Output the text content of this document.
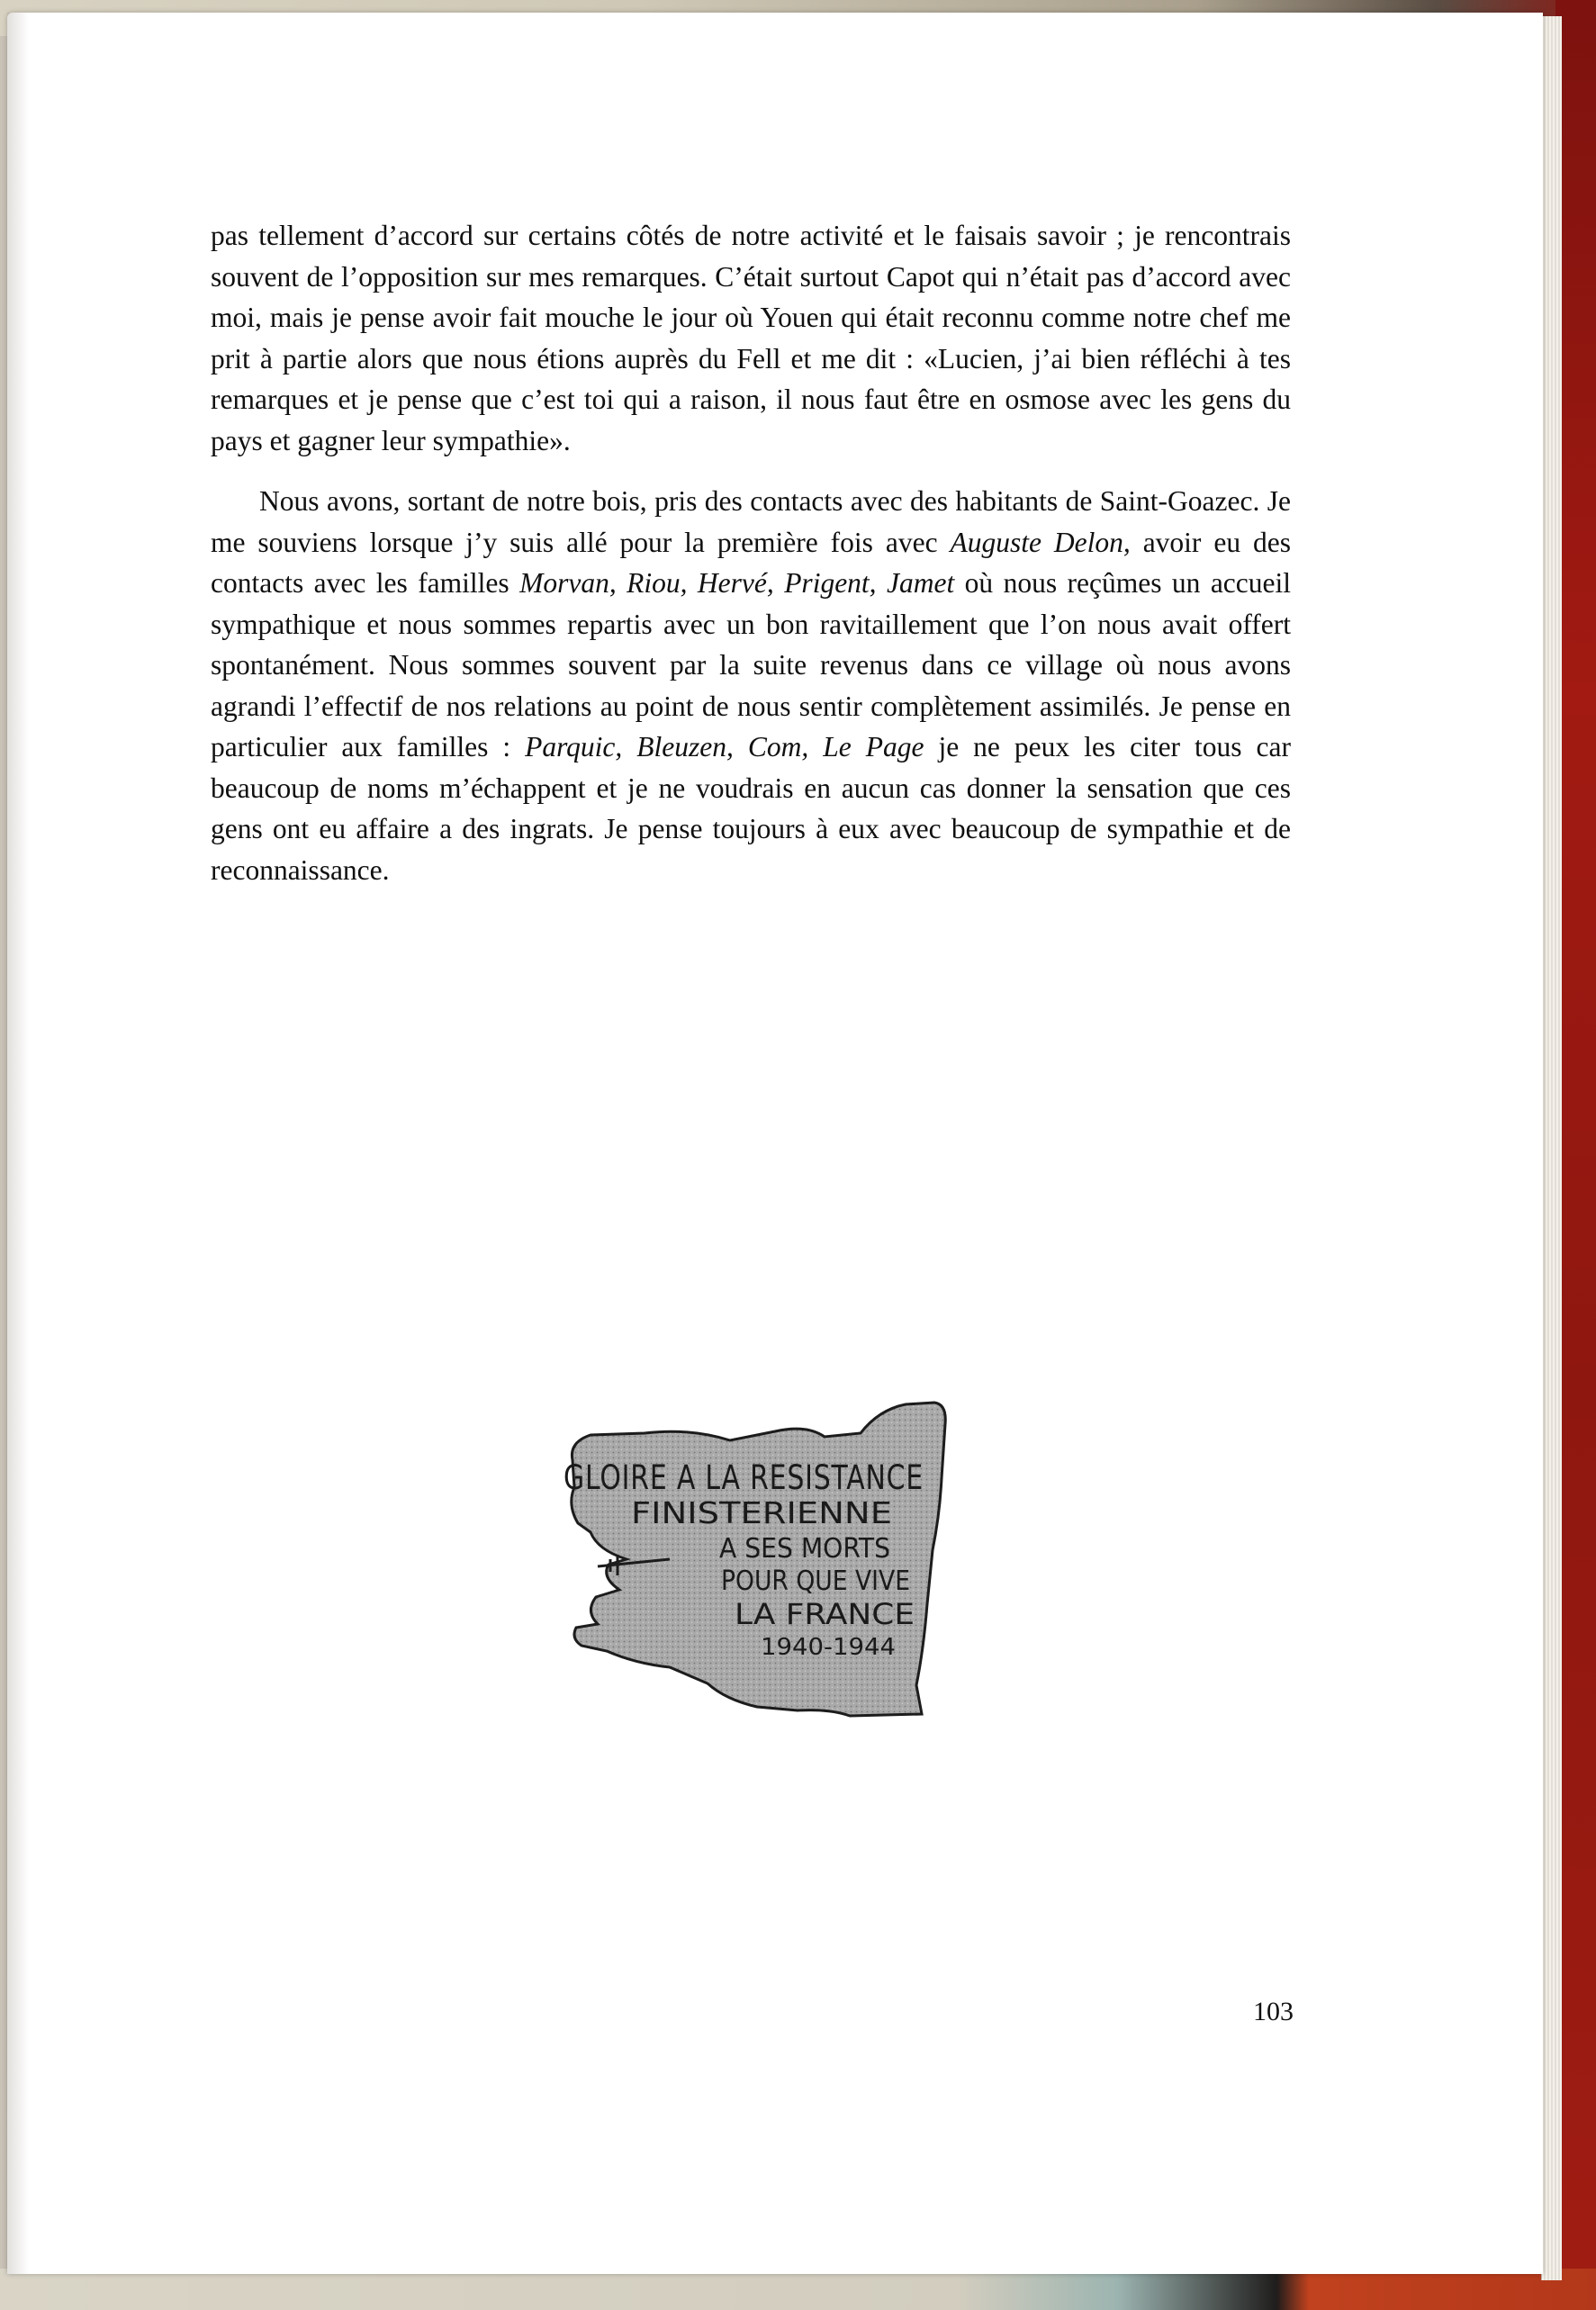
pas tellement d’accord sur certains côtés de notre activité et le faisais savoir ; je rencontrais souvent de l’opposition sur mes remarques. C’était surtout Capot qui n’était pas d’accord avec moi, mais je pense avoir fait mouche le jour où Youen qui était reconnu comme notre chef me prit à partie alors que nous étions auprès du Fell et me dit : «Lucien, j’ai bien réfléchi à tes remarques et je pense que c’est toi qui a raison, il nous faut être en osmose avec les gens du pays et gagner leur sympathie».

Nous avons, sortant de notre bois, pris des contacts avec des habitants de Saint-Goazec. Je me souviens lorsque j’y suis allé pour la première fois avec Auguste Delon, avoir eu des contacts avec les familles Morvan, Riou, Hervé, Prigent, Jamet où nous reçûmes un accueil sympathique et nous sommes repartis avec un bon ravitaillement que l’on nous avait offert spontanément. Nous sommes souvent par la suite revenus dans ce village où nous avons agrandi l’effectif de nos relations au point de nous sentir complètement assimilés. Je pense en particulier aux familles : Parquic, Bleuzen, Com, Le Page je ne peux les citer tous car beaucoup de noms m’échappent et je ne voudrais en aucun cas donner la sensation que ces gens ont eu affaire a des ingrats. Je pense toujours à eux avec beaucoup de sympathie et de reconnaissance.

GLOIRE A LA RESISTANCE
FINISTERIENNE
A SES MORTS
POUR QUE VIVE
LA FRANCE
1940-1944
103
